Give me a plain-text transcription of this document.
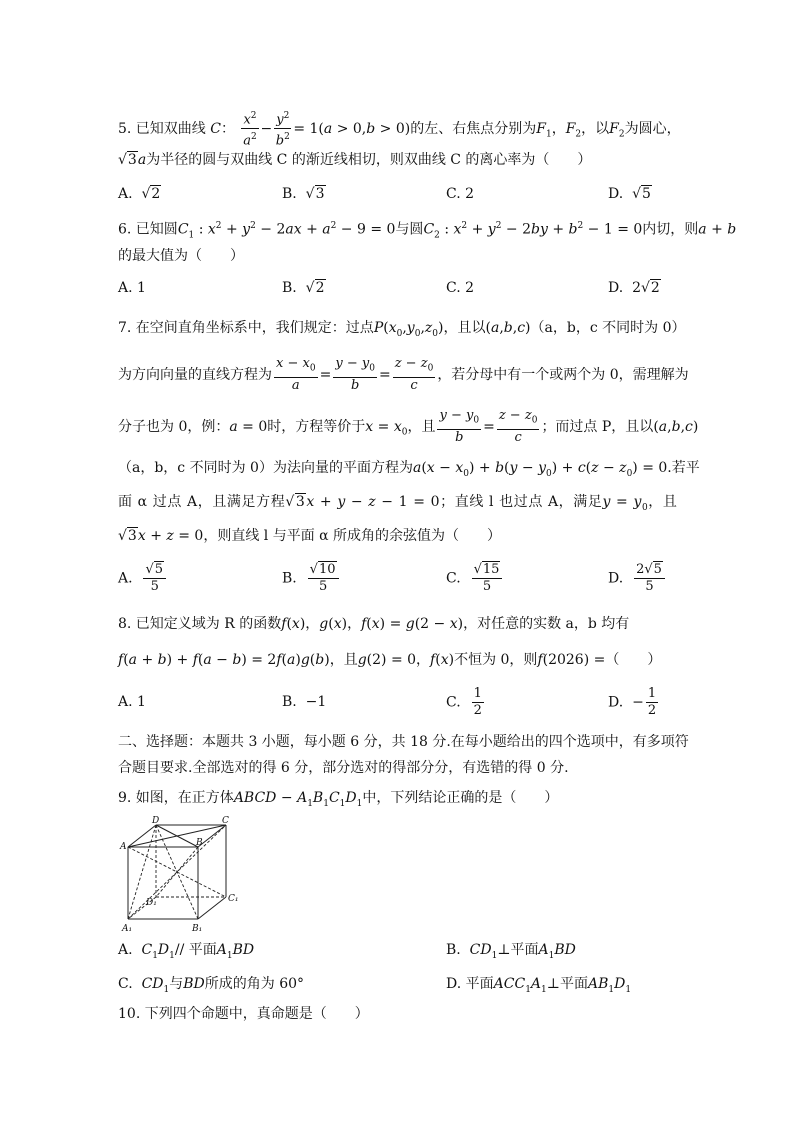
5. 已知双曲线 C： $\frac{x^2}{a^2} - \frac{y^2}{b^2} = 1(a > 0,b > 0)$的左、右焦点分别为$F_1$，$F_2$，以$F_2$为圆心，
√3a为半径的圆与双曲线 C 的渐近线相切，则双曲线 C 的离心率为（　　）
A.  √2	B.  √3	C. 2	D.  √5
6. 已知圆$C_1$ : $x^2 + y^2 - 2ax + a^2 - 9 = 0$与圆$C_2$ : $x^2 + y^2 - 2by + b^2 - 1 = 0$内切，则a + b
的最大值为（　　）
A. 1	B.  √2	C. 2	D.  2√2
7. 在空间直角坐标系中，我们规定：过点$P(x_0,y_0,z_0)$，且以(a,b,c)（a，b，c 不同时为 0）
为方向向量的直线方程为 $\frac{x - x_0}{a} = \frac{y - y_0}{b} = \frac{z - z_0}{c}$ ，若分母中有一个或两个为 0，需理解为
分子也为 0，例：a = 0时，方程等价于$x = x_0$，且 $\frac{y - y_0}{b} = \frac{z - z_0}{c}$ ；而过点 P，且以(a,b,c)
（a，b，c 不同时为 0）为法向量的平面方程为$a(x - x_0) + b(y - y_0) + c(z - z_0) = 0$.若平
面 α 过点 A，且满足方程√3x + y − z − 1 = 0；直线 l 也过点 A，满足$y = y_0$，且
√3x + z = 0，则直线 l 与平面 α 所成角的余弦值为（　　）
A. $\frac{√5}{5}$	B. $\frac{√10}{5}$	C. $\frac{√15}{5}$	D. $\frac{2√5}{5}$
8. 已知定义域为 R 的函数f(x)，g(x)，f(x) = g(2 − x)，对任意的实数 a，b 均有
f(a + b) + f(a − b) = 2f(a)g(b)，且g(2) = 0，f(x)不恒为 0，则f(2026) =（　　）
A. 1	B.  −1	C. $\frac{1}{2}$	D.  − $\frac{1}{2}$
二、选择题：本题共 3 小题，每小题 6 分，共 18 分.在每小题给出的四个选项中，有多项符
合题目要求.全部选对的得 6 分，部分选对的得部分分，有选错的得 0 分.
9. 如图，在正方体ABCD − $A_1B_1C_1D_1$中，下列结论正确的是（　　）
D	C
A	B
D₁	C₁
A₁	B₁
A. $C_1D_1//$ 平面$A_1BD$	B. $CD_1\perp$平面$A_1BD$
C. $CD_1$与BD所成的角为 60°	D. 平面$ACC_1A_1\perp$平面$AB_1D_1$
10. 下列四个命题中，真命题是（　　）
